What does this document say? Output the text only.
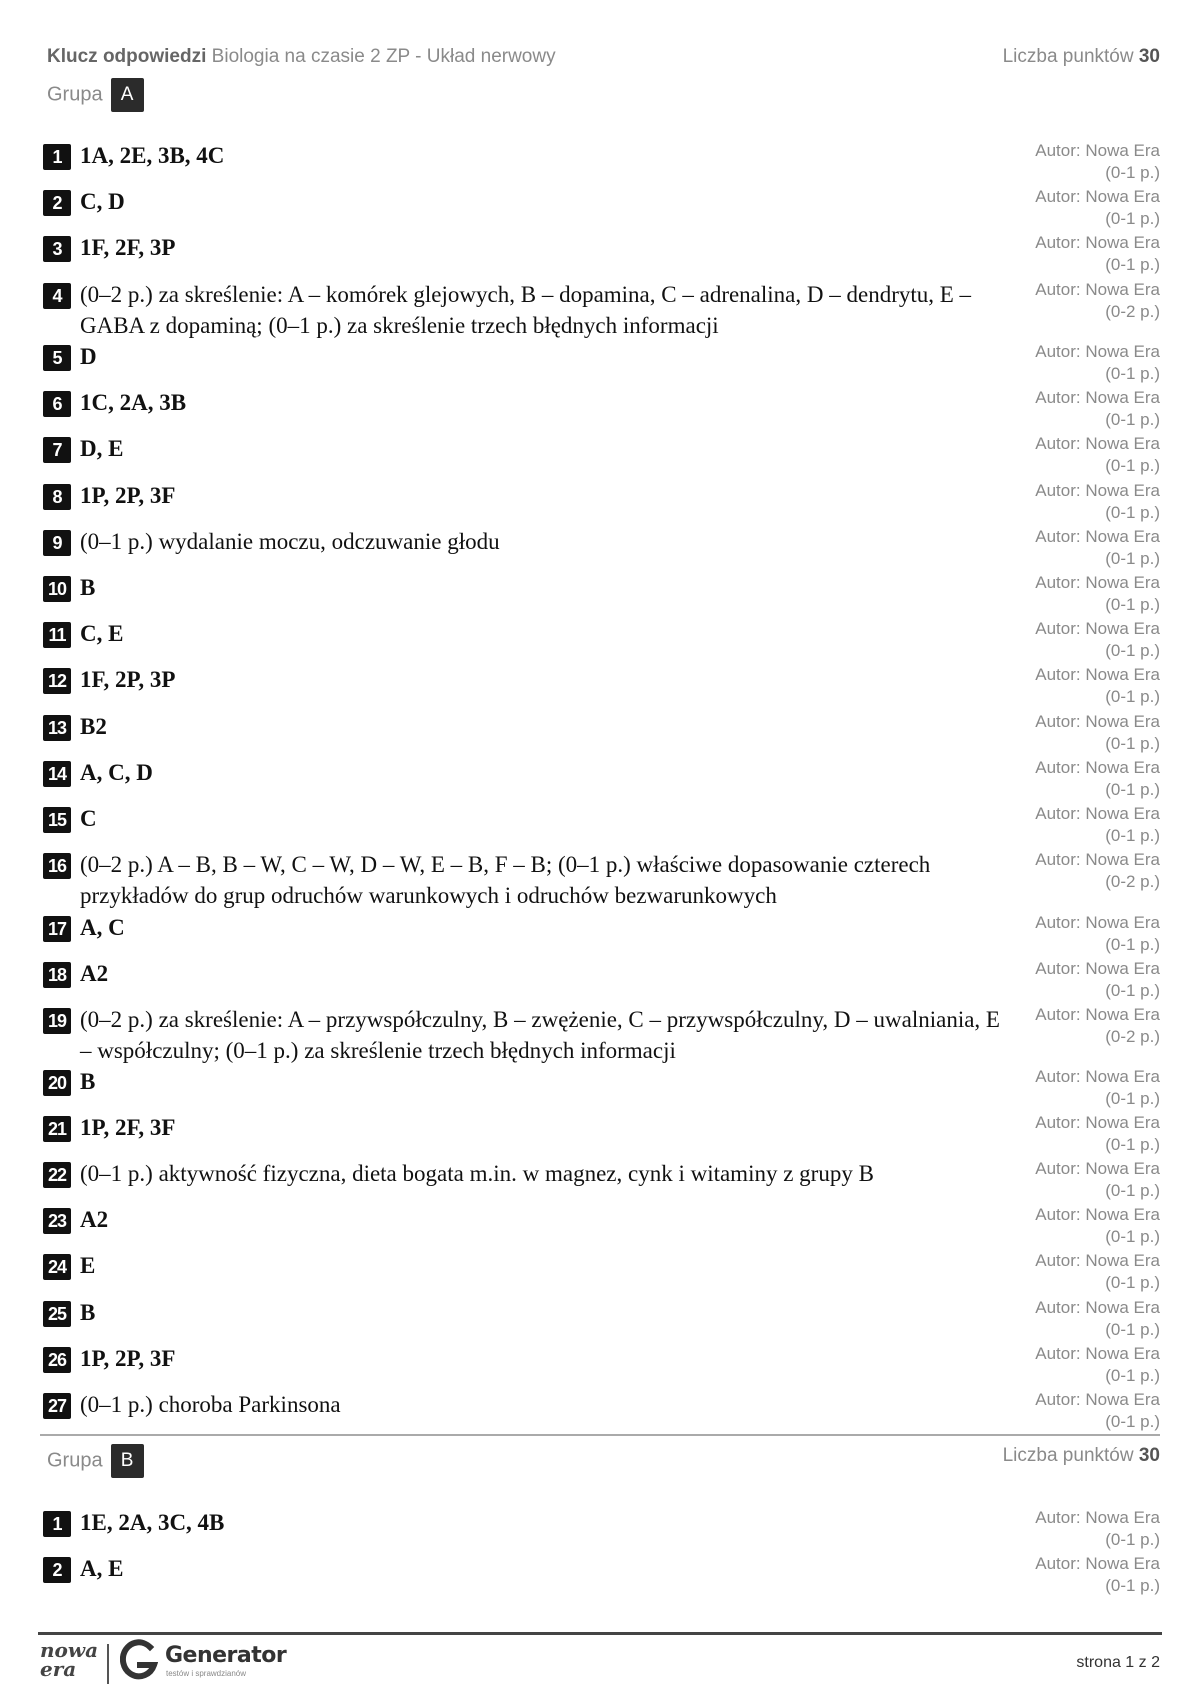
Klucz odpowiedzi Biologia na czasie 2 ZP - Układ nerwowy	Liczba punktów 30
Grupa A
1 1A, 2E, 3B, 4C	Autor: Nowa Era
(0-1 p.)
2 C, D	Autor: Nowa Era
(0-1 p.)
3 1F, 2F, 3P	Autor: Nowa Era
(0-1 p.)
4 (0–2 p.) za skreślenie: A – komórek glejowych, B – dopamina, C – adrenalina, D – dendrytu, E – GABA z dopaminą; (0–1 p.) za skreślenie trzech błędnych informacji
Autor: Nowa Era
(0-2 p.)
5 D	Autor: Nowa Era
(0-1 p.)
6 1C, 2A, 3B	Autor: Nowa Era
(0-1 p.)
7 D, E	Autor: Nowa Era
(0-1 p.)
8 1P, 2P, 3F	Autor: Nowa Era
(0-1 p.)
9 (0–1 p.) wydalanie moczu, odczuwanie głodu	Autor: Nowa Era
(0-1 p.)
10 B	Autor: Nowa Era
(0-1 p.)
11 C, E	Autor: Nowa Era
(0-1 p.)
12 1F, 2P, 3P	Autor: Nowa Era
(0-1 p.)
13 B2	Autor: Nowa Era
(0-1 p.)
14 A, C, D	Autor: Nowa Era
(0-1 p.)
15 C	Autor: Nowa Era
(0-1 p.)
16 (0–2 p.) A – B, B – W, C – W, D – W, E – B, F – B; (0–1 p.) właściwe dopasowanie czterech przykładów do grup odruchów warunkowych i odruchów bezwarunkowych
Autor: Nowa Era
(0-2 p.)
17 A, C	Autor: Nowa Era
(0-1 p.)
18 A2	Autor: Nowa Era
(0-1 p.)
19 (0–2 p.) za skreślenie: A – przywspółczulny, B – zwężenie, C – przywspółczulny, D – uwalniania, E – współczulny; (0–1 p.) za skreślenie trzech błędnych informacji
Autor: Nowa Era
(0-2 p.)
20 B	Autor: Nowa Era
(0-1 p.)
21 1P, 2F, 3F	Autor: Nowa Era
(0-1 p.)
22 (0–1 p.) aktywność fizyczna, dieta bogata m.in. w magnez, cynk i witaminy z grupy B	Autor: Nowa Era
(0-1 p.)
23 A2	Autor: Nowa Era
(0-1 p.)
24 E	Autor: Nowa Era
(0-1 p.)
25 B	Autor: Nowa Era
(0-1 p.)
26 1P, 2P, 3F	Autor: Nowa Era
(0-1 p.)
27 (0–1 p.) choroba Parkinsona	Autor: Nowa Era
(0-1 p.)
Grupa B	Liczba punktów 30
1 1E, 2A, 3C, 4B	Autor: Nowa Era
(0-1 p.)
2 A, E	Autor: Nowa Era
(0-1 p.)
nowa
era
Generator
testów i sprawdzianów
strona 1 z 2
